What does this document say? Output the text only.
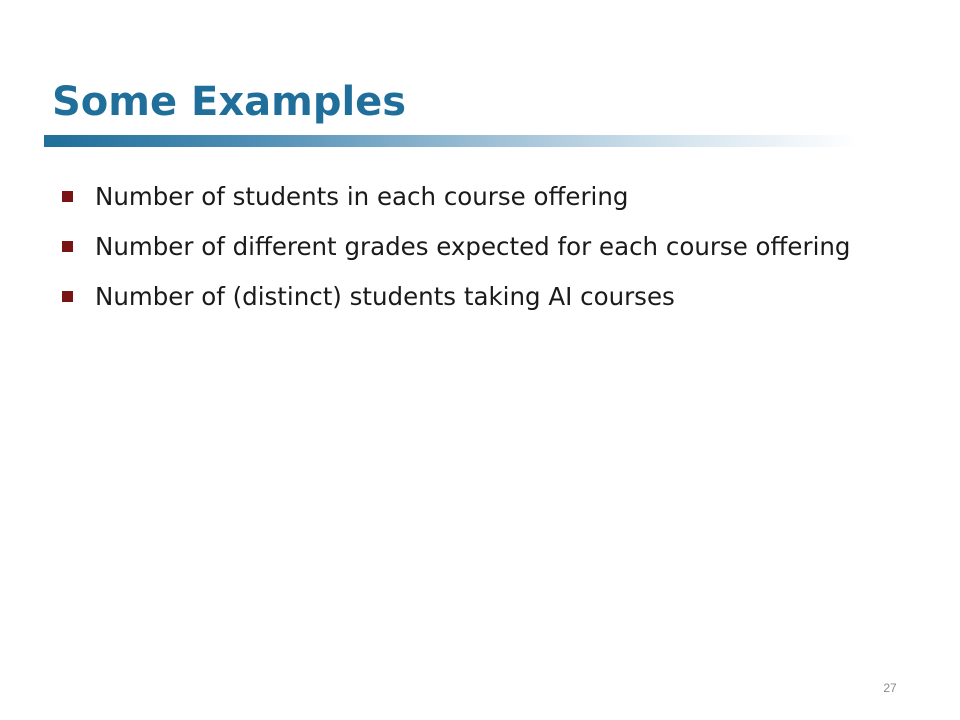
Some Examples
Number of students in each course offering
Number of different grades expected for each course offering
Number of (distinct) students taking AI courses
27
